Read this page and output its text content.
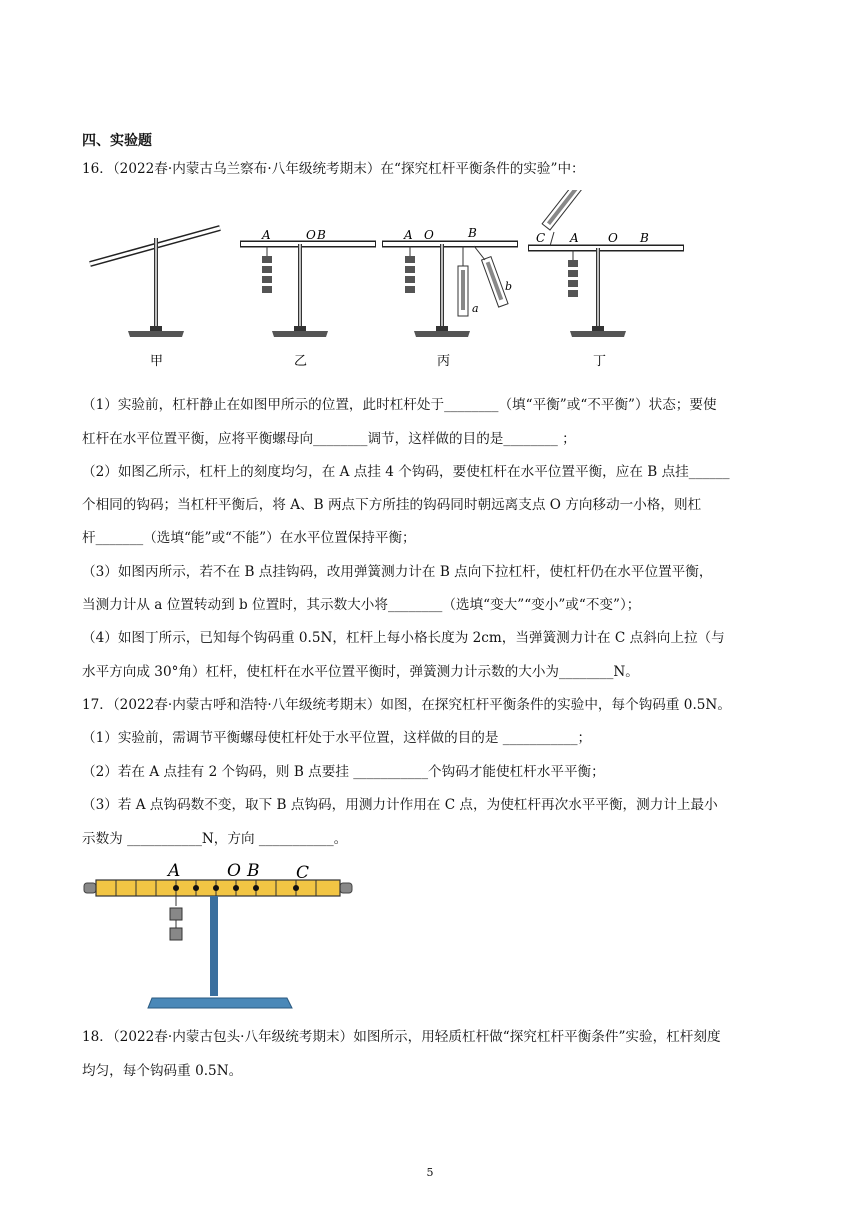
四、实验题
16．（2022春·内蒙古乌兰察布·八年级统考期末）在“探究杠杆平衡条件的实验”中：
甲
A	O B
乙
O
A	B
a
b
丙
C A O B
丁
（1）实验前，杠杆静止在如图甲所示的位置，此时杠杆处于________（填“平衡”或“不平衡”）状态；要使
杠杆在水平位置平衡，应将平衡螺母向________调节，这样做的目的是________ ；
（2）如图乙所示，杠杆上的刻度均匀，在 A 点挂 4 个钩码，要使杠杆在水平位置平衡，应在 B 点挂______
个相同的钩码；当杠杆平衡后，将 A、B 两点下方所挂的钩码同时朝远离支点 O 方向移动一小格，则杠
杆_______（选填“能”或“不能”）在水平位置保持平衡；
（3）如图丙所示，若不在 B 点挂钩码，改用弹簧测力计在 B 点向下拉杠杆，使杠杆仍在水平位置平衡，
当测力计从 a 位置转动到 b 位置时，其示数大小将________（选填“变大”“变小”或“不变”）；
（4）如图丁所示，已知每个钩码重 0.5N，杠杆上每小格长度为 2cm，当弹簧测力计在 C 点斜向上拉（与
水平方向成 30°角）杠杆，使杠杆在水平位置平衡时，弹簧测力计示数的大小为________N。
17．（2022春·内蒙古呼和浩特·八年级统考期末）如图，在探究杠杆平衡条件的实验中，每个钩码重 0.5N。
（1）实验前，需调节平衡螺母使杠杆处于水平位置，这样做的目的是 ___________；
（2）若在 A 点挂有 2 个钩码，则 B 点要挂 ___________个钩码才能使杠杆水平平衡；
（3）若 A 点钩码数不变，取下 B 点钩码，用测力计作用在 C 点，为使杠杆再次水平平衡，测力计上最小
示数为 ___________N，方向 ___________。
A	O B C
18．（2022春·内蒙古包头·八年级统考期末）如图所示，用轻质杠杆做“探究杠杆平衡条件”实验，杠杆刻度
均匀，每个钩码重 0.5N。
5
